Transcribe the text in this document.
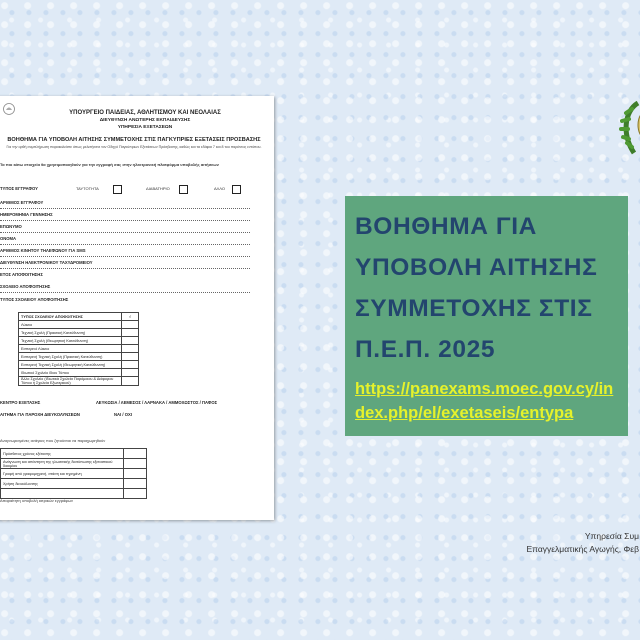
ΥΠΟΥΡΓΕΙΟ ΠΑΙΔΕΙΑΣ, ΑΘΛΗΤΙΣΜΟΥ ΚΑΙ ΝΕΟΛΑΙΑΣ
ΔΙΕΥΘΥΝΣΗ ΑΝΩΤΕΡΗΣ ΕΚΠΑΙΔΕΥΣΗΣ
ΥΠΗΡΕΣΙΑ ΕΞΕΤΑΣΕΩΝ
ΒΟΗΘΗΜΑ ΓΙΑ ΥΠΟΒΟΛΗ ΑΙΤΗΣΗΣ ΣΥΜΜΕΤΟΧΗΣ ΣΤΙΣ ΠΑΓΚΥΠΡΙΕΣ ΕΞΕΤΑΣΕΙΣ ΠΡΟΣΒΑΣΗΣ
Για την ορθή συμπλήρωση παρακαλείστε όπως μελετήσετε τον Οδηγό Παγκύπριων Εξετάσεων Πρόσβασης, καθώς και τα εδάφια 7 και 8 του παρόντος εντύπου.
Τα πιο κάτω στοιχεία θα χρησιμοποιηθούν για την εγγραφή σας στην ηλεκτρονική πλατφόρμα υποβολής αιτήσεων
ΤΥΠΟΣ ΕΓΓΡΑΦΟΥ	ΤΑΥΤΟΤΗΤΑ	ΔΙΑΒΑΤΗΡΙΟ	ΑΛΛΟ
ΑΡΙΘΜΟΣ ΕΓΓΡΑΦΟΥ
ΗΜΕΡΟΜΗΝΙΑ ΓΕΝΝΗΣΗΣ
ΕΠΩΝΥΜΟ
ΟΝΟΜΑ
ΑΡΙΘΜΟΣ ΚΙΝΗΤΟΥ ΤΗΛΕΦΩΝΟΥ ΓΙΑ SMS
ΔΙΕΥΘΥΝΣΗ ΗΛΕΚΤΡΟΝΙΚΟΥ ΤΑΧΥΔΡΟΜΕΙΟΥ
ΕΤΟΣ ΑΠΟΦΟΙΤΗΣΗΣ
ΣΧΟΛΕΙΟ ΑΠΟΦΟΙΤΗΣΗΣ
ΤΥΠΟΣ ΣΧΟΛΕΙΟΥ ΑΠΟΦΟΙΤΗΣΗΣ
ΤΥΠΟΣ ΣΧΟΛΕΙΟΥ ΑΠΟΦΟΙΤΗΣΗΣ	√
Λύκειο	
Τεχνική Σχολή (Πρακτική Κατεύθυνση)	
Τεχνική Σχολή (Θεωρητική Κατεύθυνση)	
Εσπερινό Λύκειο	
Εσπερινή Τεχνική Σχολή (Πρακτική Κατεύθυνση)	
Εσπερινή Τεχνική Σχολή (Θεωρητική Κατεύθυνση)	
Ιδιωτικό Σχολείο ίδιου Τύπου	
Άλλο Σχολείο (Ιδιωτικά Σχολεία Παρόμοιου & Διάφορου Τύπου ή Σχολεία Εξωτερικού)	
ΚΕΝΤΡΟ ΕΞΕΤΑΣΗΣ	ΛΕΥΚΩΣΙΑ / ΛΕΜΕΣΟΣ / ΛΑΡΝΑΚΑ / ΑΜΜΟΧΩΣΤΟΣ / ΠΑΦΟΣ
ΑΙΤΗΜΑ ΓΙΑ ΠΑΡΟΧΗ ΔΙΕΥΚΟΛΥΝΣΕΩΝ	ΝΑΙ / ΟΧΙ
Αναγνωρισμένες ανάγκες που ζητούνται να παραχωρηθούν
Πρόσθετος χρόνος εξέτασης	
Ανάγνωση και απάντηση της γλωσσικής διατύπωσης εξεταστικού δοκιμίου	
Γραφή από γραφομηχανή, στάση και τηρημένη	
Χρήση διευκόλυνσης	

Απαραίτητη υποβολή ιατρικών εγγράφων
ΒΟΗΘΗΜΑ ΓΙΑ
ΥΠΟΒΟΛΗ ΑΙΤΗΣΗΣ
ΣΥΜΜΕΤΟΧΗΣ ΣΤΙΣ
Π.Ε.Π. 2025
https://panexams.moec.gov.cy/in
dex.php/el/exetaseis/entypa
Υπηρεσία Συμ
Επαγγελματικής Αγωγής, Φεβ
